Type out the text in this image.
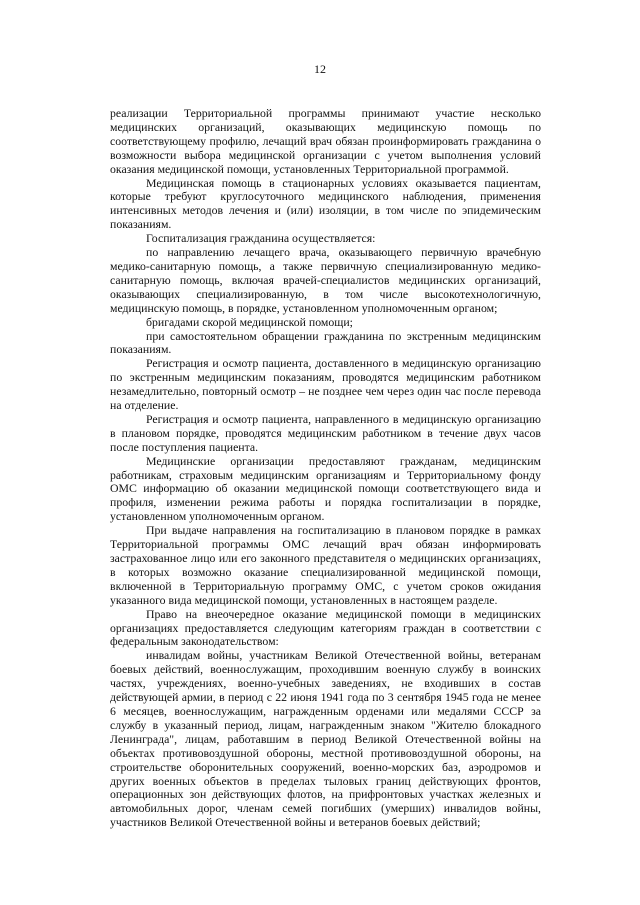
12

реализации Территориальной программы принимают участие несколько медицинских организаций, оказывающих медицинскую помощь по соответствующему профилю, лечащий врач обязан проинформировать гражданина о возможности выбора медицинской организации с учетом выполнения условий оказания медицинской помощи, установленных Территориальной программой.

Медицинская помощь в стационарных условиях оказывается пациентам, которые требуют круглосуточного медицинского наблюдения, применения интенсивных методов лечения и (или) изоляции, в том числе по эпидемическим показаниям.

Госпитализация гражданина осуществляется:

по направлению лечащего врача, оказывающего первичную врачебную медико-санитарную помощь, а также первичную специализированную медико-санитарную помощь, включая врачей-специалистов медицинских организаций, оказывающих специализированную, в том числе высокотехнологичную, медицинскую помощь, в порядке, установленном уполномоченным органом;

бригадами скорой медицинской помощи;

при самостоятельном обращении гражданина по экстренным медицинским показаниям.

Регистрация и осмотр пациента, доставленного в медицинскую организацию по экстренным медицинским показаниям, проводятся медицинским работником незамедлительно, повторный осмотр – не позднее чем через один час после перевода на отделение.

Регистрация и осмотр пациента, направленного в медицинскую организацию в плановом порядке, проводятся медицинским работником в течение двух часов после поступления пациента.

Медицинские организации предоставляют гражданам, медицинским работникам, страховым медицинским организациям и Территориальному фонду ОМС информацию об оказании медицинской помощи соответствующего вида и профиля, изменении режима работы и порядка госпитализации в порядке, установленном уполномоченным органом.

При выдаче направления на госпитализацию в плановом порядке в рамках Территориальной программы ОМС лечащий врач обязан информировать застрахованное лицо или его законного представителя о медицинских организациях, в которых возможно оказание специализированной медицинской помощи, включенной в Территориальную программу ОМС, с учетом сроков ожидания указанного вида медицинской помощи, установленных в настоящем разделе.

Право на внеочередное оказание медицинской помощи в медицинских организациях предоставляется следующим категориям граждан в соответствии с федеральным законодательством:

инвалидам войны, участникам Великой Отечественной войны, ветеранам боевых действий, военнослужащим, проходившим военную службу в воинских частях, учреждениях, военно-учебных заведениях, не входивших в состав действующей армии, в период с 22 июня 1941 года по 3 сентября 1945 года не менее 6 месяцев, военнослужащим, награжденным орденами или медалями СССР за службу в указанный период, лицам, награжденным знаком "Жителю блокадного Ленинграда", лицам, работавшим в период Великой Отечественной войны на объектах противовоздушной обороны, местной противовоздушной обороны, на строительстве оборонительных сооружений, военно-морских баз, аэродромов и других военных объектов в пределах тыловых границ действующих фронтов, операционных зон действующих флотов, на прифронтовых участках железных и автомобильных дорог, членам семей погибших (умерших) инвалидов войны, участников Великой Отечественной войны и ветеранов боевых действий;
